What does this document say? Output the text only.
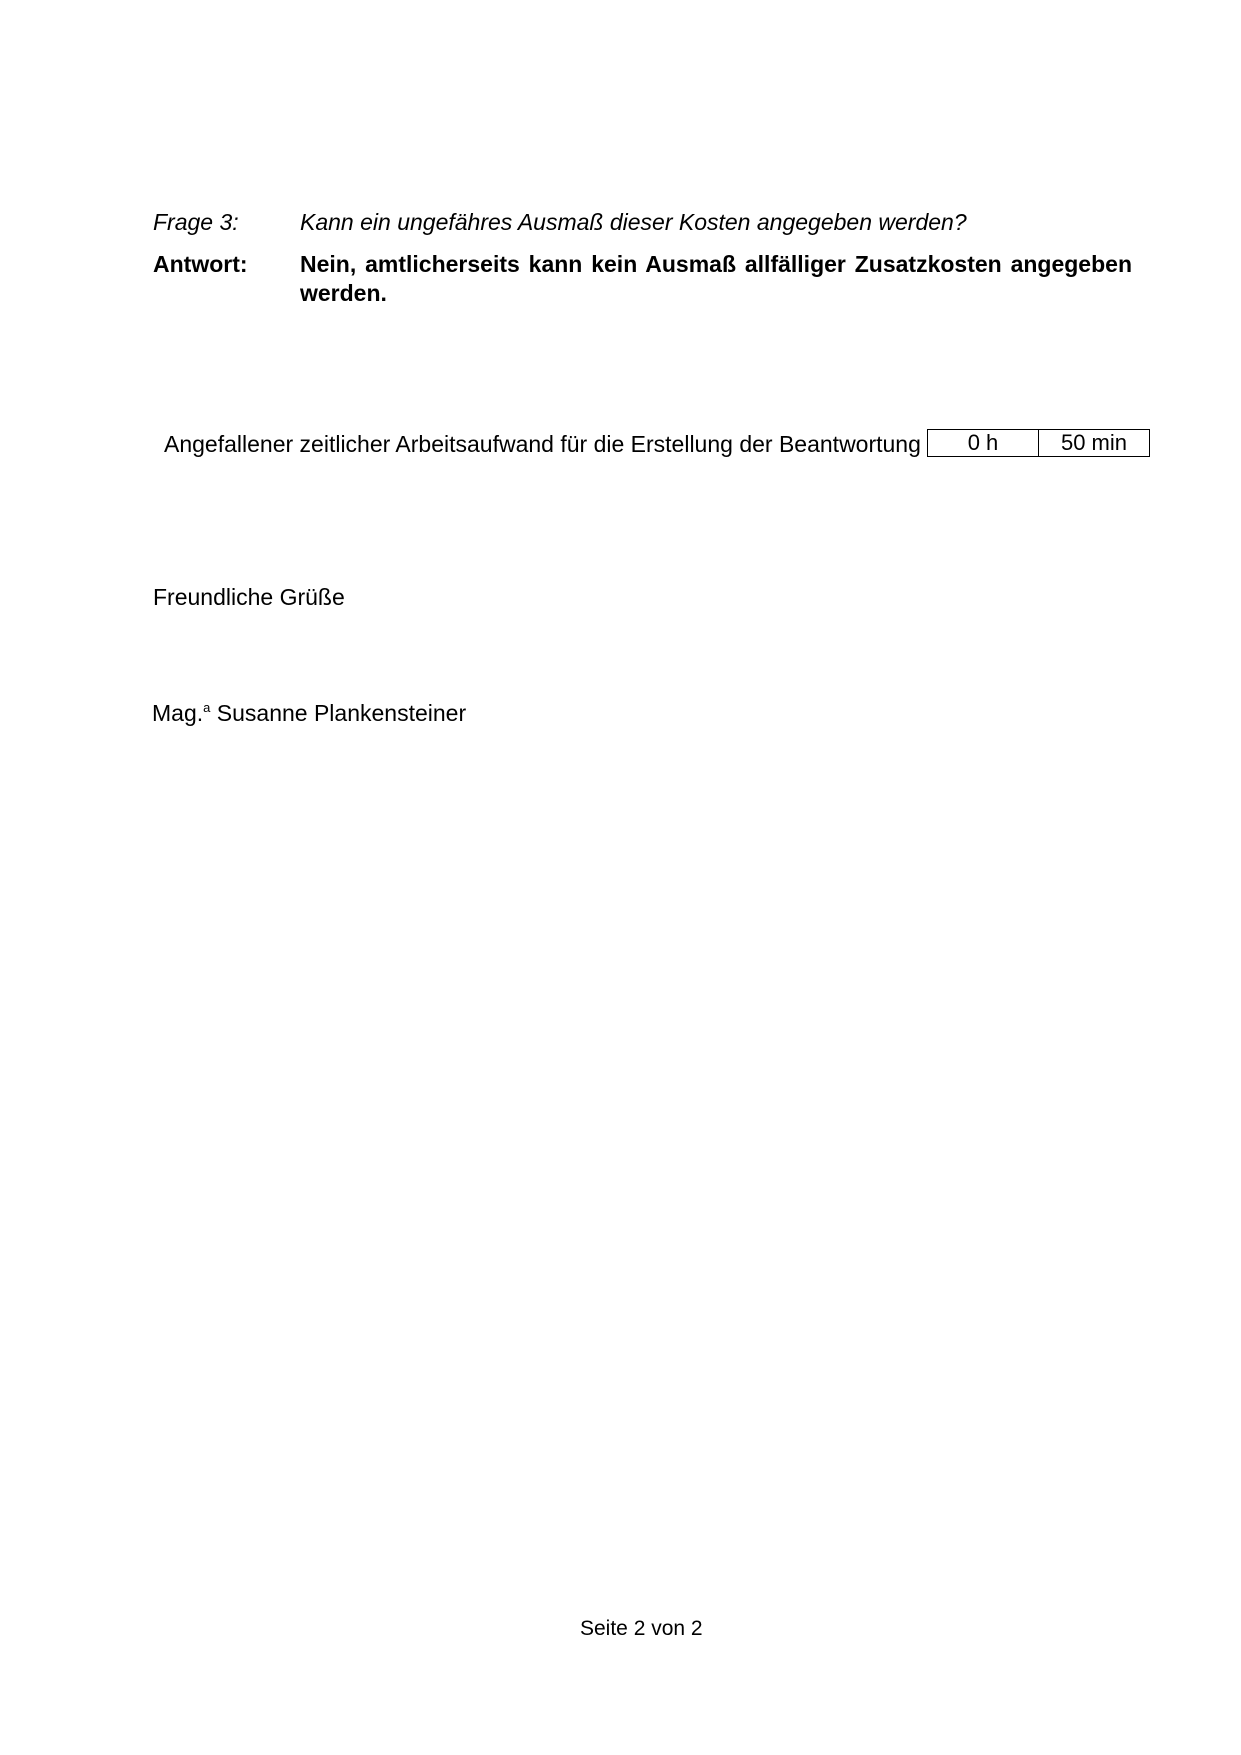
Frage 3:	Kann ein ungefähres Ausmaß dieser Kosten angegeben werden?
Antwort: Nein, amtlicherseits kann kein Ausmaß allfälliger Zusatzkosten angegeben werden.
Angefallener zeitlicher Arbeitsaufwand für die Erstellung der Beantwortung	0 h	50 min
Freundliche Grüße
Mag.$^a$ Susanne Plankensteiner
Seite 2 von 2
